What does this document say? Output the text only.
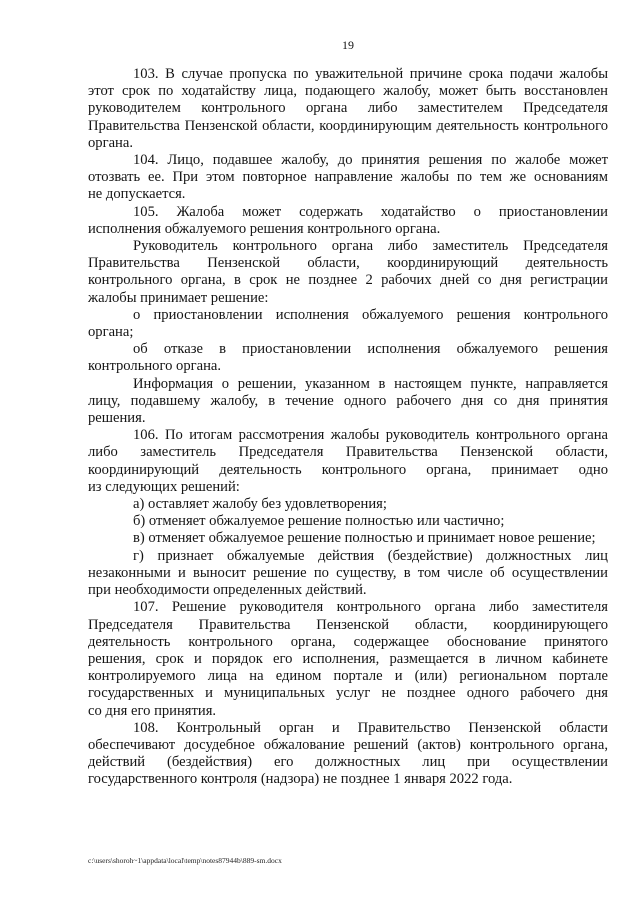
19
103. В случае пропуска по уважительной причине срока подачи жалобы
этот срок по ходатайству лица, подающего жалобу, может быть восстановлен
руководителем контрольного органа либо заместителем Председателя
Правительства Пензенской области, координирующим деятельность контрольного
органа.
104. Лицо, подавшее жалобу, до принятия решения по жалобе может
отозвать ее. При этом повторное направление жалобы по тем же основаниям
не допускается.
105. Жалоба может содержать ходатайство о приостановлении
исполнения обжалуемого решения контрольного органа.
Руководитель контрольного органа либо заместитель Председателя
Правительства Пензенской области, координирующий деятельность
контрольного органа, в срок не позднее 2 рабочих дней со дня регистрации
жалобы принимает решение:
о приостановлении исполнения обжалуемого решения контрольного
органа;
об отказе в приостановлении исполнения обжалуемого решения
контрольного органа.
Информация о решении, указанном в настоящем пункте, направляется
лицу, подавшему жалобу, в течение одного рабочего дня со дня принятия
решения.
106. По итогам рассмотрения жалобы руководитель контрольного органа
либо заместитель Председателя Правительства Пензенской области,
координирующий деятельность контрольного органа, принимает одно
из следующих решений:
а) оставляет жалобу без удовлетворения;
б) отменяет обжалуемое решение полностью или частично;
в) отменяет обжалуемое решение полностью и принимает новое решение;
г) признает обжалуемые действия (бездействие) должностных лиц
незаконными и выносит решение по существу, в том числе об осуществлении
при необходимости определенных действий.
107. Решение руководителя контрольного органа либо заместителя
Председателя Правительства Пензенской области, координирующего
деятельность контрольного органа, содержащее обоснование принятого
решения, срок и порядок его исполнения, размещается в личном кабинете
контролируемого лица на едином портале и (или) региональном портале
государственных и муниципальных услуг не позднее одного рабочего дня
со дня его принятия.
108. Контрольный орган и Правительство Пензенской области
обеспечивают досудебное обжалование решений (актов) контрольного органа,
действий (бездействия) его должностных лиц при осуществлении
государственного контроля (надзора) не позднее 1 января 2022 года.
c:\users\shoroh~1\appdata\local\temp\notes87944b\889-sm.docx
